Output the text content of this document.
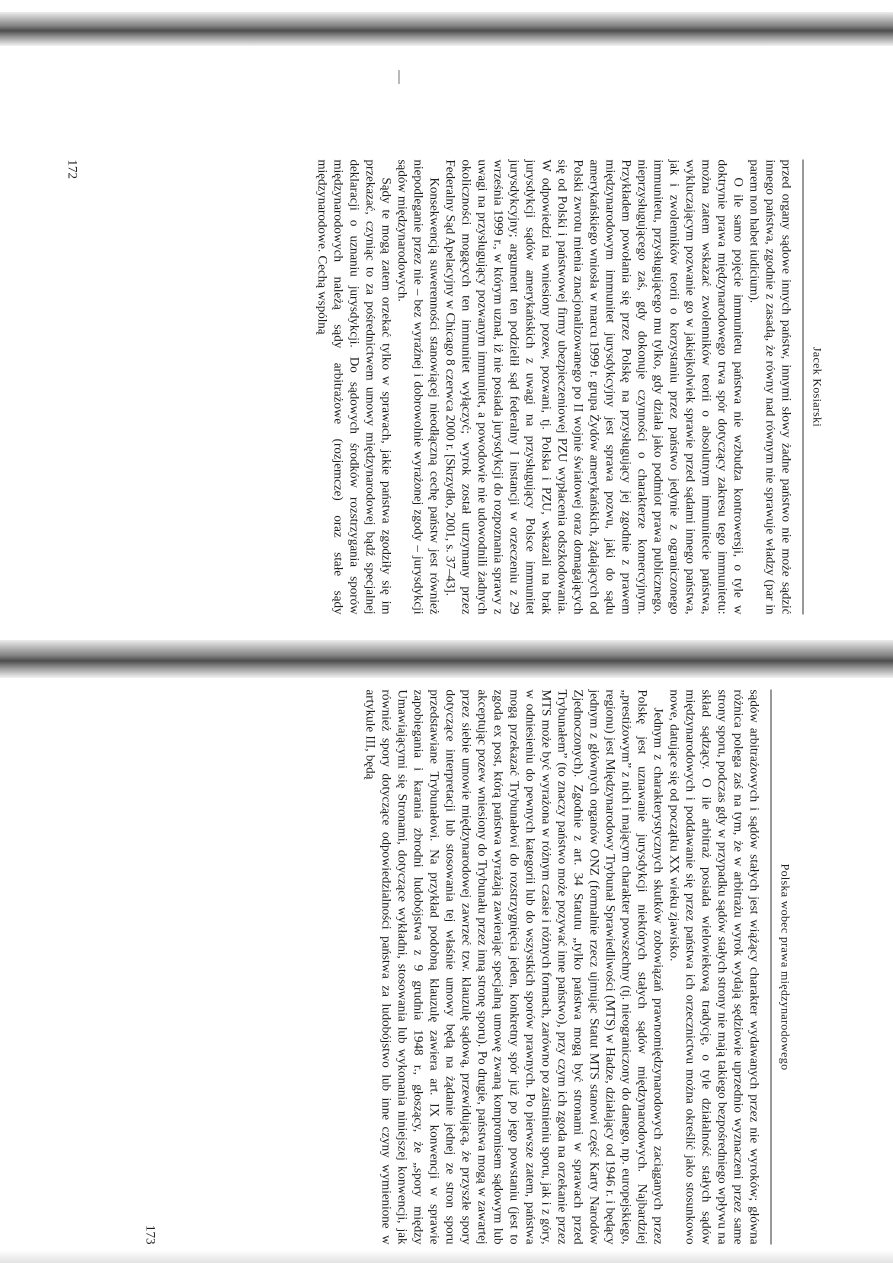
Jacek Kosiarski

przed organy sądowe innych państw, innymi słowy żadne państwo nie może sądzić innego państwa, zgodnie z zasadą, że równy nad równym nie sprawuje władzy (par in parem non habet iudicium).

O ile samo pojęcie immunitetu państwa nie wzbudza kontrowersji, o tyle w doktrynie prawa międzynarodowego trwa spór dotyczący zakresu tego immunitetu: można zatem wskazać zwolenników teorii o absolutnym immunitecie państwa, wykluczającym pozwanie go w jakiejkolwiek sprawie przed sądami innego państwa, jak i zwolenników teorii o korzystaniu przez państwo jedynie z ograniczonego immunitetu, przysługującego mu tylko, gdy działa jako podmiot prawa publicznego, nieprzysługującego zaś, gdy dokonuje czynności o charakterze komercyjnym. Przykładem powołania się przez Polskę na przysługujący jej zgodnie z prawem międzynarodowym immunitet jurysdykcyjny jest sprawa pozwu, jaki do sądu amerykańskiego wniosła w marcu 1999 r. grupa Żydów amerykańskich, żądających od Polski zwrotu mienia znacjonalizowanego po II wojnie światowej oraz domagających się od Polski i państwowej firmy ubezpieczeniowej PZU wypłacenia odszkodowania. W odpowiedzi na wniesiony pozew, pozwani, tj. Polska i PZU, wskazali na brak jurysdykcji sądów amerykańskich z uwagi na przysługujący Polsce immunitet jurysdykcyjny; argument ten podzielił sąd federalny I instancji w orzeczeniu z 29 września 1999 r., w którym uznał, iż nie posiada jurysdykcji do rozpoznania sprawy z uwagi na przysługujący pozwanym immunitet, a powodowie nie udowodnili żadnych okoliczności mogących ten immunitet wyłączyć; wyrok został utrzymany przez Federalny Sąd Apelacyjny w Chicago 8 czerwca 2000 r. [Skrzydło, 2001, s. 37–43].

Konsekwencją suwerenności stanowiącej nieodłączną cechę państw jest również niepodleganie przez nie – bez wyraźnej i dobrowolnie wyrażonej zgody – jurysdykcji sądów międzynarodowych.

Sądy te mogą zatem orzekać tylko w sprawach, jakie państwa zgodziły się im przekazać, czyniąc to za pośrednictwem umowy międzynarodowej bądź specjalnej deklaracji o uznaniu jurysdykcji. Do sądowych środków rozstrzygania sporów międzynarodowych należą sądy arbitrażowe (rozjemcze) oraz stałe sądy międzynarodowe. Cechą wspólną

172
Polska wobec prawa międzynarodowego

sądów arbitrażowych i sądów stałych jest wiążący charakter wydawanych przez nie wyroków; główna różnica polega zaś na tym, że w arbitrażu wyrok wydają sędziowie uprzednio wyznaczeni przez same strony sporu, podczas gdy w przypadku sądów stałych strony nie mają takiego bezpośredniego wpływu na skład sądzący. O ile arbitraż posiada wielowiekową tradycję, o tyle działalność stałych sądów międzynarodowych i poddawanie się przez państwa ich orzecznictwu można określić jako stosunkowo nowe, datujące się od początku XX wieku zjawisko.

Jednym z charakterystycznych skutków zobowiązań prawnomiędzynarodowych zaciąganych przez Polskę jest uznawanie jurysdykcji niektórych stałych sądów międzynarodowych. Najbardziej „prestiżowym” z nich i mającym charakter powszechny (tj. nieograniczony do danego, np. europejskiego, regionu) jest Międzynarodowy Trybunał Sprawiedliwości (MTS) w Hadze, działający od 1946 r. i będący jednym z głównych organów ONZ (formalnie rzecz ujmując Statut MTS stanowi część Karty Narodów Zjednoczonych). Zgodnie z art. 34 Statutu „tylko państwa mogą być stronami w sprawach przed Trybunałem” (to znaczy państwo może pozywać inne państwo), przy czym ich zgoda na orzekanie przez MTS może być wyrażona w różnym czasie i różnych formach, zarówno po zaistnieniu sporu, jak i z góry, w odniesieniu do pewnych kategorii lub do wszystkich sporów prawnych. Po pierwsze zatem, państwa mogą przekazać Trybunałowi do rozstrzygnięcia jeden, konkretny spór już po jego powstaniu (jest to zgoda ex post, którą państwa wyrażają zawierając specjalną umowę zwaną kompromisem sądowym lub akceptując pozew wniesiony do Trybunału przez inną stronę sporu). Po drugie, państwa mogą w zawartej przez siebie umowie międzynarodowej zawrzeć tzw. klauzulę sądową, przewidującą, że przyszłe spory dotyczące interpretacji lub stosowania tej właśnie umowy będą na żądanie jednej ze stron sporu przedstawiane Trybunałowi. Na przykład podobną klauzulę zawiera art. IX konwencji w sprawie zapobiegania i karania zbrodni ludobójstwa z 9 grudnia 1948 r., głoszący, że „spory między Umawiającymi się Stronami, dotyczące wykładni, stosowania lub wykonania niniejszej konwencji, jak również spory dotyczące odpowiedzialności państwa za ludobójstwo lub inne czyny wymienione w artykule III, będą

173
